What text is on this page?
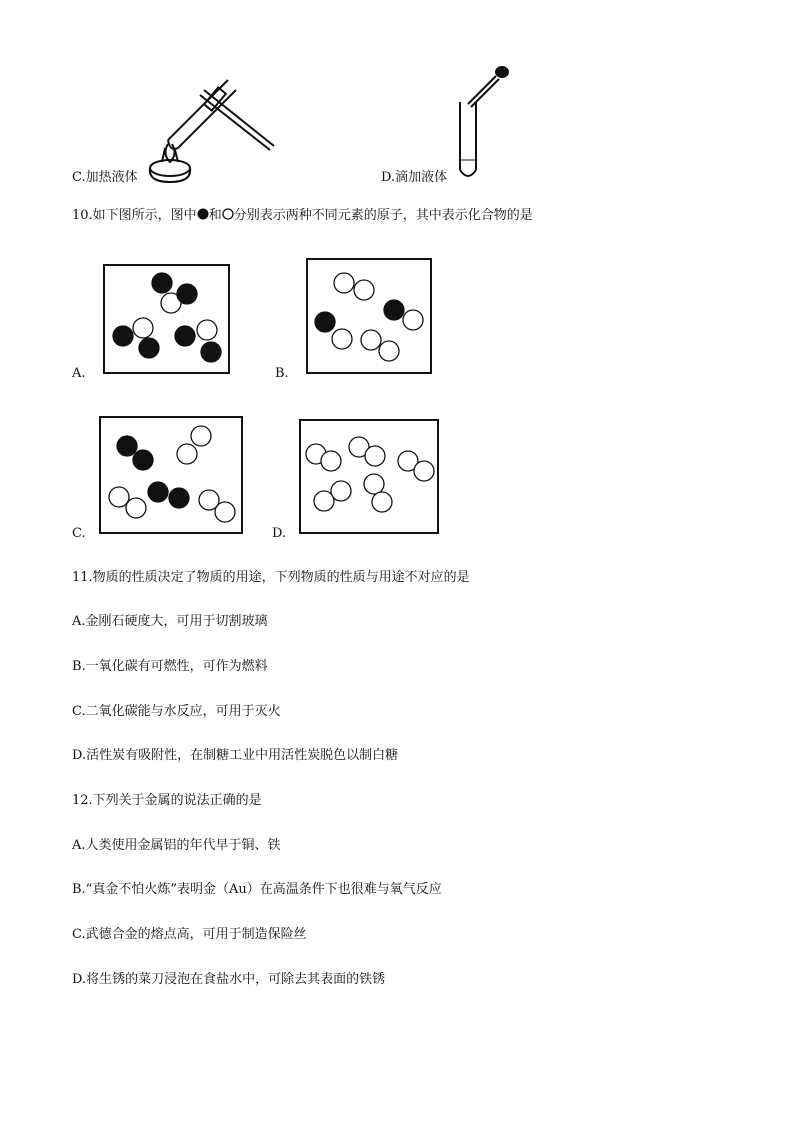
C.加热液体	D.滴加液体
10.如下图所示，图中 和 分别表示两种不同元素的原子，其中表示化合物的是
A.	B.
C.	D.
11.物质的性质决定了物质的用途，下列物质的性质与用途不对应的是
A.金刚石硬度大，可用于切割玻璃
B.一氧化碳有可燃性，可作为燃料
C.二氧化碳能与水反应，可用于灭火
D.活性炭有吸附性，在制糖工业中用活性炭脱色以制白糖
12.下列关于金属的说法正确的是
A.人类使用金属铝的年代早于铜、铁
B.“真金不怕火炼”表明金（Au）在高温条件下也很难与氧气反应
C.武德合金的熔点高，可用于制造保险丝
D.将生锈的菜刀浸泡在食盐水中，可除去其表面的铁锈
